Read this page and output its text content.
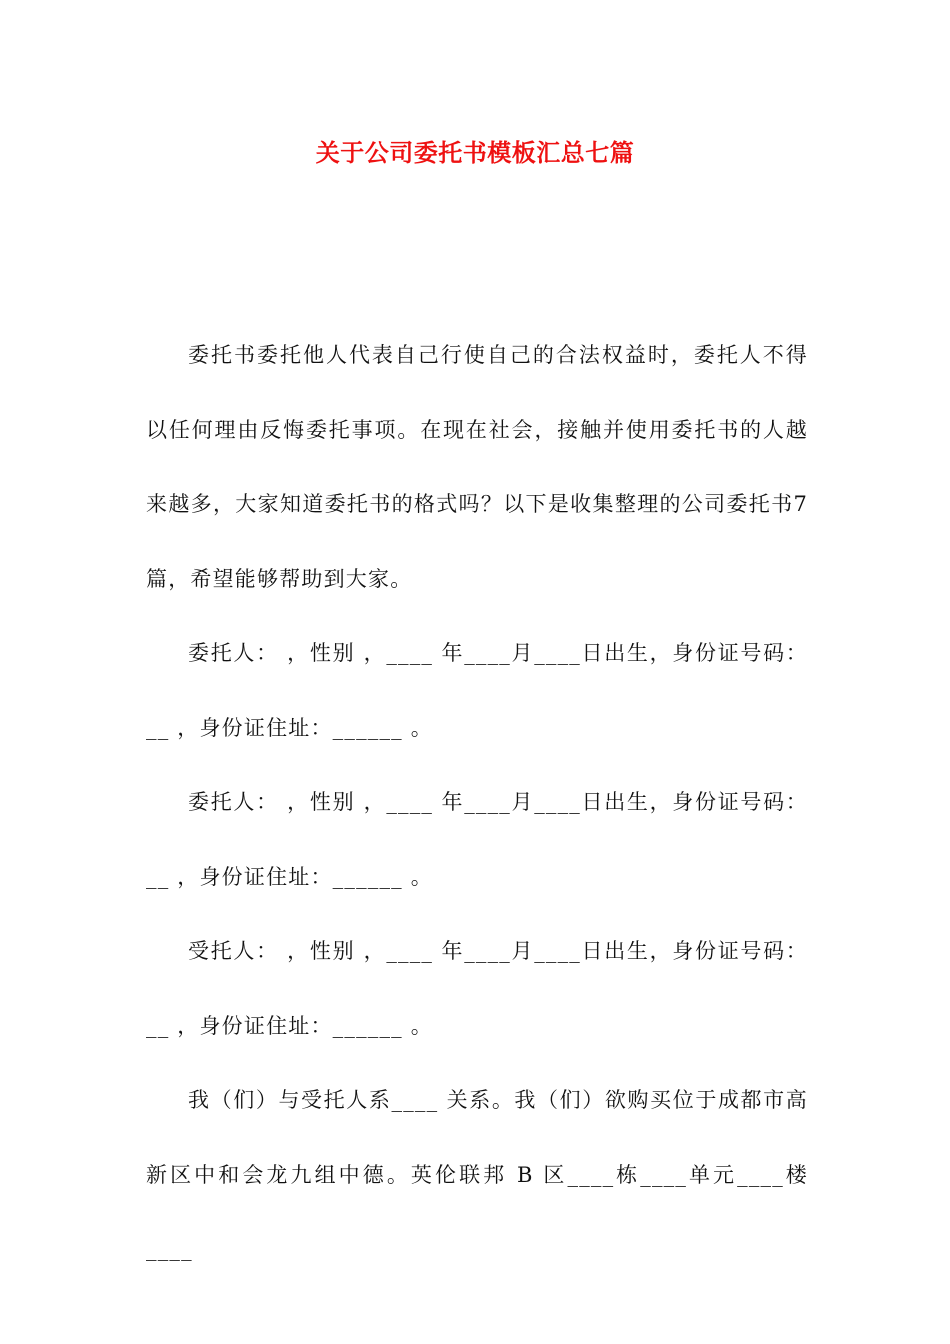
关于公司委托书模板汇总七篇

委托书委托他人代表自己行使自己的合法权益时，委托人不得以任何理由反悔委托事项。在现在社会，接触并使用委托书的人越来越多，大家知道委托书的格式吗？以下是收集整理的公司委托书7篇，希望能够帮助到大家。

委托人： ，性别 ，____ 年____月____日出生，身份证号码：__ ，身份证住址：______ 。

委托人： ，性别 ，____ 年____月____日出生，身份证号码：__ ，身份证住址：______ 。

受托人： ，性别 ，____ 年____月____日出生，身份证号码：__ ，身份证住址：______ 。

我（们）与受托人系____ 关系。我（们）欲购买位于成都市高新区中和会龙九组中德。英伦联邦 B 区____栋____单元____楼____
